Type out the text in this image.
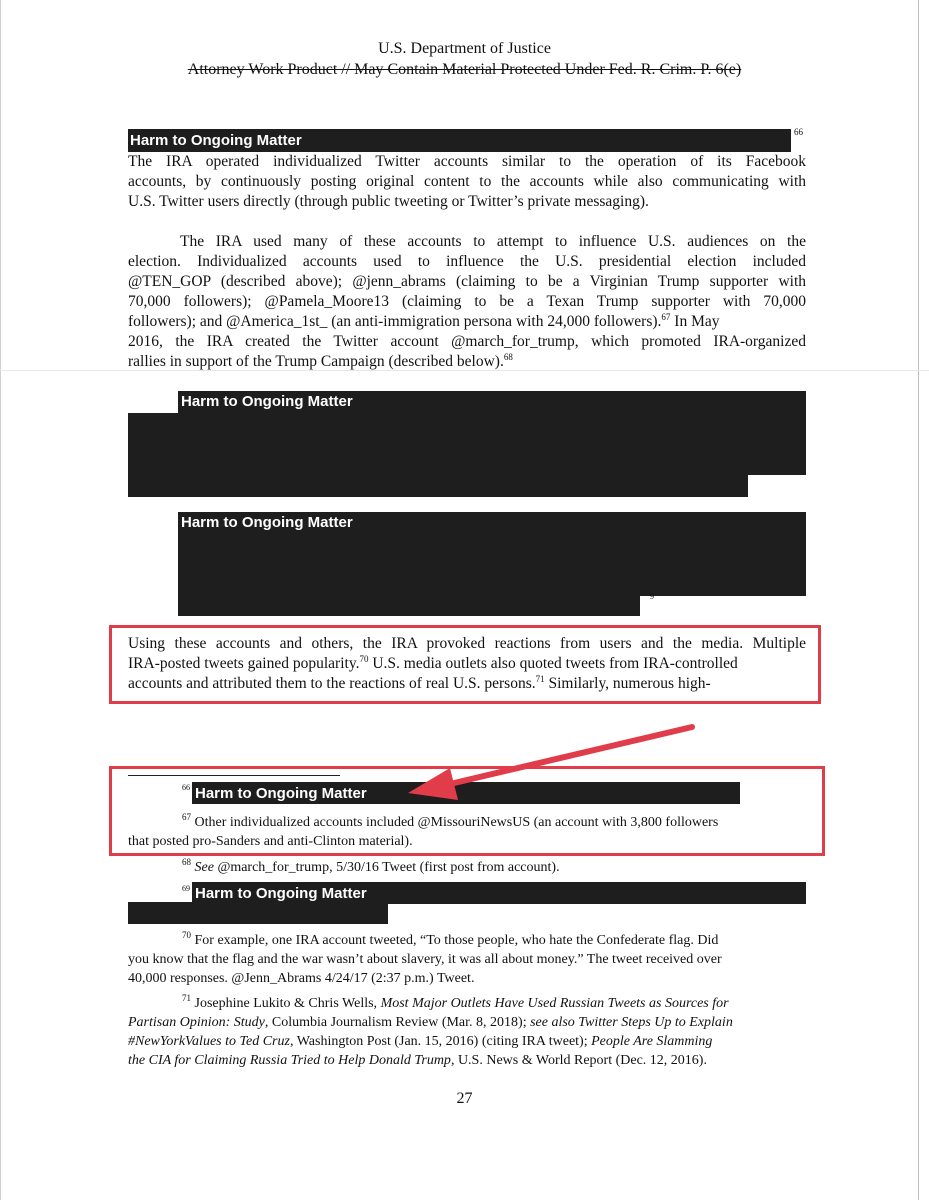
U.S. Department of Justice
Attorney Work Product // May Contain Material Protected Under Fed. R. Crim. P. 6(e)
Harm to Ongoing Matter	66
The IRA operated individualized Twitter accounts similar to the operation of its Facebook
accounts, by continuously posting original content to the accounts while also communicating with
U.S. Twitter users directly (through public tweeting or Twitter’s private messaging).
The IRA used many of these accounts to attempt to influence U.S. audiences on the
election. Individualized accounts used to influence the U.S. presidential election included
@TEN_GOP (described above); @jenn_abrams (claiming to be a Virginian Trump supporter with
70,000 followers); @Pamela_Moore13 (claiming to be a Texan Trump supporter with 70,000
followers); and @America_1st_ (an anti-immigration persona with 24,000 followers).$^{67}$ In May
2016, the IRA created the Twitter account @march_for_trump, which promoted IRA-organized
rallies in support of the Trump Campaign (described below).$^{68}$
Harm to Ongoing Matter
Harm to Ongoing Matter
9
Using these accounts and others, the IRA provoked reactions from users and the media. Multiple
IRA-posted tweets gained popularity.$^{70}$ U.S. media outlets also quoted tweets from IRA-controlled
accounts and attributed them to the reactions of real U.S. persons.$^{71}$ Similarly, numerous high-
66 Harm to Ongoing Matter
$^{67}$ Other individualized accounts included @MissouriNewsUS (an account with 3,800 followers
that posted pro-Sanders and anti-Clinton material).
$^{68}$ See @march_for_trump, 5/30/16 Tweet (first post from account).
69 Harm to Ongoing Matter
$^{70}$ For example, one IRA account tweeted, “To those people, who hate the Confederate flag. Did
you know that the flag and the war wasn’t about slavery, it was all about money.” The tweet received over
40,000 responses. @Jenn_Abrams 4/24/17 (2:37 p.m.) Tweet.
$^{71}$ Josephine Lukito & Chris Wells, Most Major Outlets Have Used Russian Tweets as Sources for
Partisan Opinion: Study, Columbia Journalism Review (Mar. 8, 2018); see also Twitter Steps Up to Explain
#NewYorkValues to Ted Cruz, Washington Post (Jan. 15, 2016) (citing IRA tweet); People Are Slamming
the CIA for Claiming Russia Tried to Help Donald Trump, U.S. News & World Report (Dec. 12, 2016).
27
